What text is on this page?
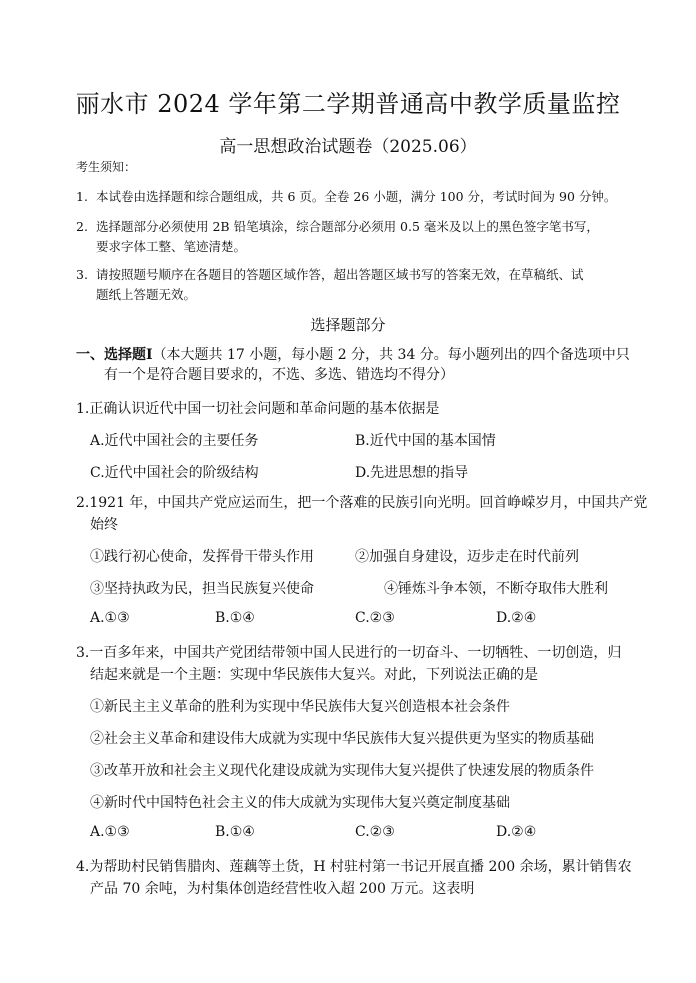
丽水市 2024 学年第二学期普通高中教学质量监控
高一思想政治试题卷（2025.06）
考生须知：
1. 本试卷由选择题和综合题组成，共 6 页。全卷 26 小题，满分 100 分，考试时间为 90 分钟。
2. 选择题部分必须使用 2B 铅笔填涂，综合题部分必须用 0.5 毫米及以上的黑色签字笔书写，
要求字体工整、笔迹清楚。
3. 请按照题号顺序在各题目的答题区域作答，超出答题区域书写的答案无效，在草稿纸、试
题纸上答题无效。
选择题部分
一、选择题Ⅰ（本大题共 17 小题，每小题 2 分，共 34 分。每小题列出的四个备选项中只
有一个是符合题目要求的，不选、多选、错选均不得分）
1.正确认识近代中国一切社会问题和革命问题的基本依据是
A.近代中国社会的主要任务	B.近代中国的基本国情
C.近代中国社会的阶级结构	D.先进思想的指导
2.1921 年，中国共产党应运而生，把一个落难的民族引向光明。回首峥嵘岁月，中国共产党
始终
①践行初心使命，发挥骨干带头作用	②加强自身建设，迈步走在时代前列
③坚持执政为民，担当民族复兴使命	④锤炼斗争本领，不断夺取伟大胜利
A.①③	B.①④	C.②③	D.②④
3.一百多年来，中国共产党团结带领中国人民进行的一切奋斗、一切牺牲、一切创造，归
结起来就是一个主题：实现中华民族伟大复兴。对此，下列说法正确的是
①新民主主义革命的胜利为实现中华民族伟大复兴创造根本社会条件
②社会主义革命和建设伟大成就为实现中华民族伟大复兴提供更为坚实的物质基础
③改革开放和社会主义现代化建设成就为实现伟大复兴提供了快速发展的物质条件
④新时代中国特色社会主义的伟大成就为实现伟大复兴奠定制度基础
A.①③	B.①④	C.②③	D.②④
4.为帮助村民销售腊肉、莲藕等土货，H 村驻村第一书记开展直播 200 余场，累计销售农
产品 70 余吨，为村集体创造经营性收入超 200 万元。这表明
